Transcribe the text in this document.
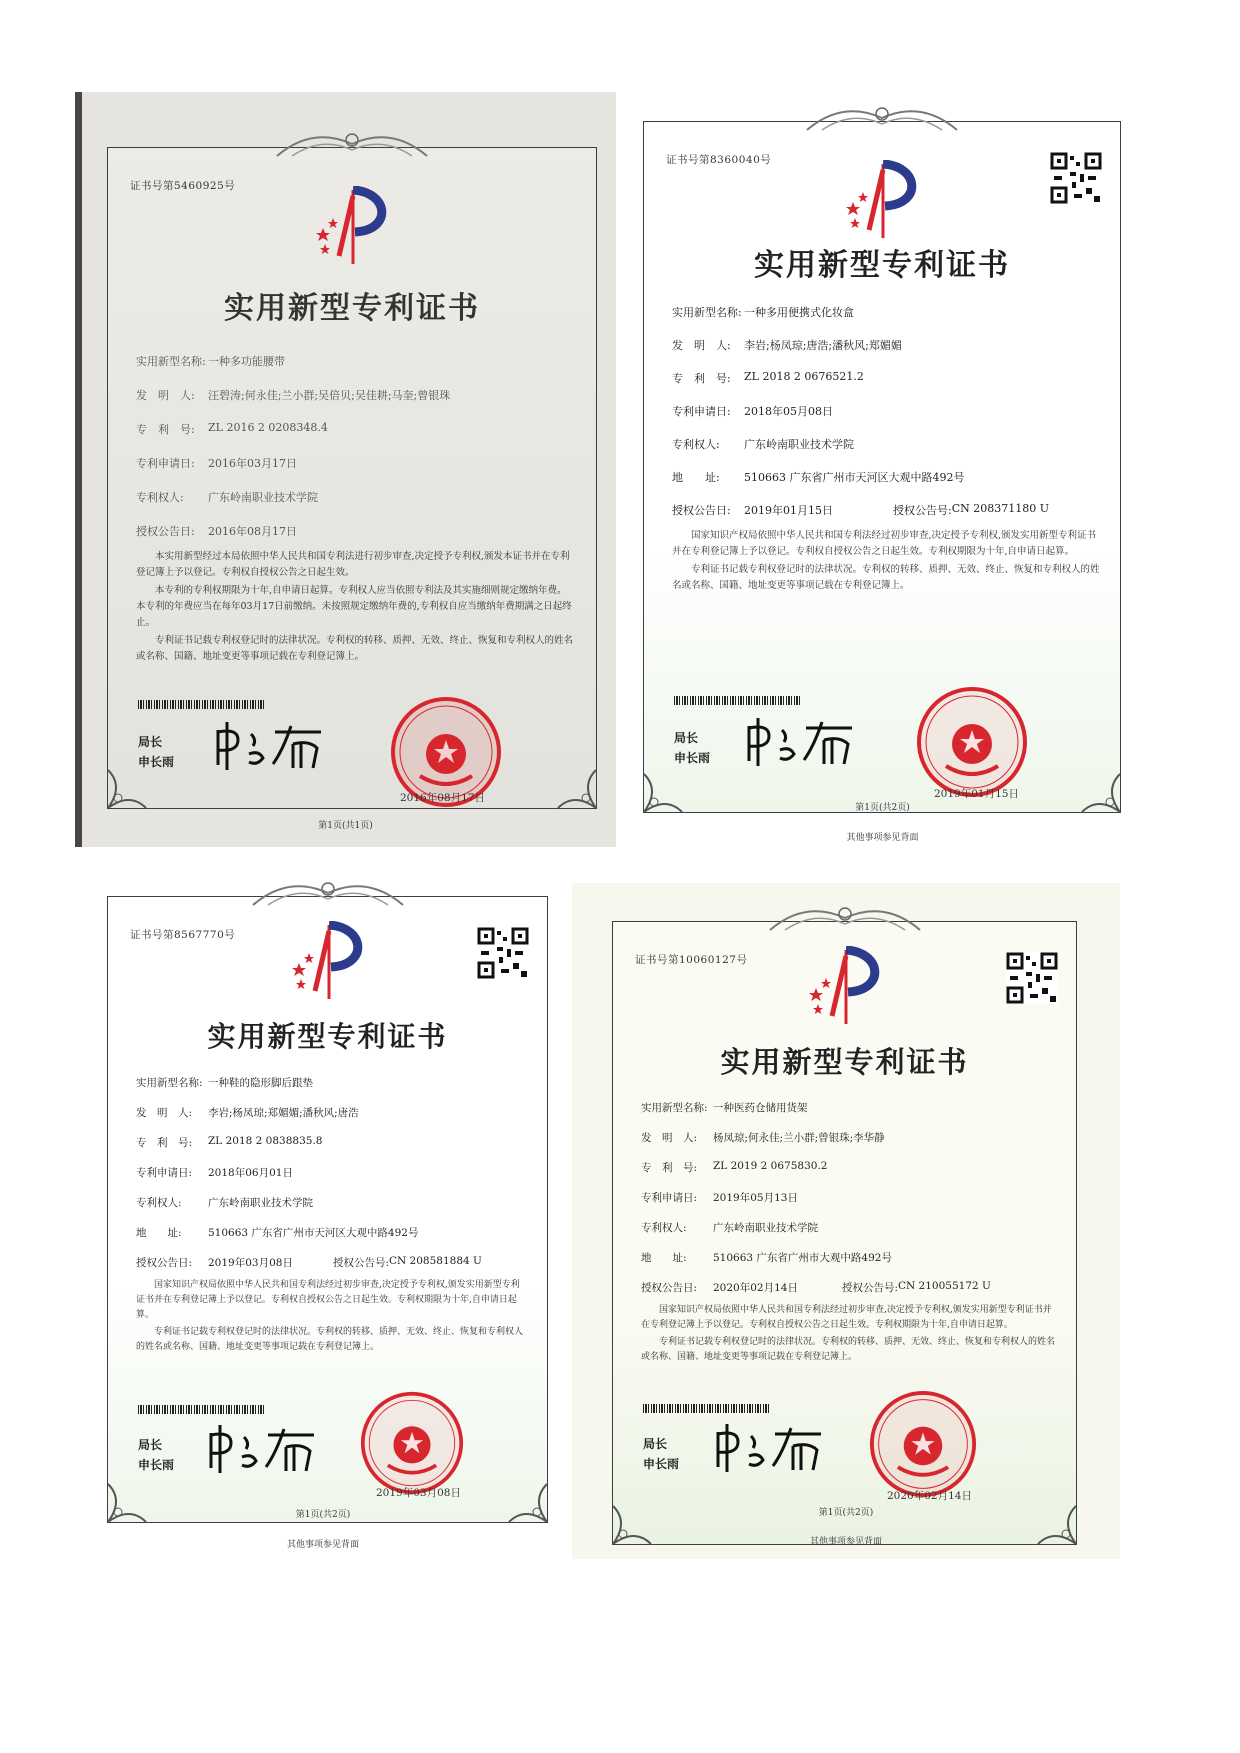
证书号第5460925号
实用新型专利证书
实用新型名称: 一种多功能腰带
发　明　人:	汪碧涛;何永佳;兰小群;吴倍贝;吴佳耕;马奎;曾银珠
专　利　号:	ZL 2016 2 0208348.4
专利申请日:	2016年03月17日
专利权人:	广东岭南职业技术学院
授权公告日:	2016年08月17日

本实用新型经过本局依照中华人民共和国专利法进行初步审查,决定授予专利权,颁发本证书并在专利登记簿上予以登记。专利权自授权公告之日起生效。

本专利的专利权期限为十年,自申请日起算。专利权人应当依照专利法及其实施细则规定缴纳年费。本专利的年费应当在每年03月17日前缴纳。未按照规定缴纳年费的,专利权自应当缴纳年费期满之日起终止。

专利证书记载专利权登记时的法律状况。专利权的转移、质押、无效、终止、恢复和专利权人的姓名或名称、国籍、地址变更等事项记载在专利登记簿上。

局长
申长雨
2016年08月17日
第1页(共1页)
证书号第8360040号
实用新型专利证书
实用新型名称: 一种多用便携式化妆盒
发　明　人:	李岩;杨凤琼;唐浩;潘秋风;郑媚媚
专　利　号:	ZL 2018 2 0676521.2
专利申请日:	2018年05月08日
专利权人:	广东岭南职业技术学院
地　　址:	510663 广东省广州市天河区大观中路492号
授权公告日:	2019年01月15日	授权公告号: CN 208371180 U

国家知识产权局依照中华人民共和国专利法经过初步审查,决定授予专利权,颁发实用新型专利证书并在专利登记簿上予以登记。专利权自授权公告之日起生效。专利权期限为十年,自申请日起算。

专利证书记载专利权登记时的法律状况。专利权的转移、质押、无效、终止、恢复和专利权人的姓名或名称、国籍、地址变更等事项记载在专利登记簿上。

局长
申长雨
2019年01月15日
第1页(共2页)
其他事项参见背面
证书号第8567770号
实用新型专利证书
实用新型名称: 一种鞋的隐形脚后跟垫
发　明　人:	李岩;杨凤琼;郑媚媚;潘秋风;唐浩
专　利　号:	ZL 2018 2 0838835.8
专利申请日:	2018年06月01日
专利权人:	广东岭南职业技术学院
地　　址:	510663 广东省广州市天河区大观中路492号
授权公告日:	2019年03月08日	授权公告号: CN 208581884 U

国家知识产权局依照中华人民共和国专利法经过初步审查,决定授予专利权,颁发实用新型专利证书并在专利登记簿上予以登记。专利权自授权公告之日起生效。专利权期限为十年,自申请日起算。

专利证书记载专利权登记时的法律状况。专利权的转移、质押、无效、终止、恢复和专利权人的姓名或名称、国籍、地址变更等事项记载在专利登记簿上。

局长
申长雨
2019年03月08日
第1页(共2页)
其他事项参见背面
证书号第10060127号
实用新型专利证书
实用新型名称: 一种医药仓储用货架
发　明　人:	杨凤琼;何永佳;兰小群;曾银珠;李华静
专　利　号:	ZL 2019 2 0675830.2
专利申请日:	2019年05月13日
专利权人:	广东岭南职业技术学院
地　　址:	510663 广东省广州市大观中路492号
授权公告日:	2020年02月14日	授权公告号: CN 210055172 U

国家知识产权局依照中华人民共和国专利法经过初步审查,决定授予专利权,颁发实用新型专利证书并在专利登记簿上予以登记。专利权自授权公告之日起生效。专利权期限为十年,自申请日起算。

专利证书记载专利权登记时的法律状况。专利权的转移、质押、无效、终止、恢复和专利权人的姓名或名称、国籍、地址变更等事项记载在专利登记簿上。

局长
申长雨
2020年02月14日
第1页(共2页)
其他事项参见背面
